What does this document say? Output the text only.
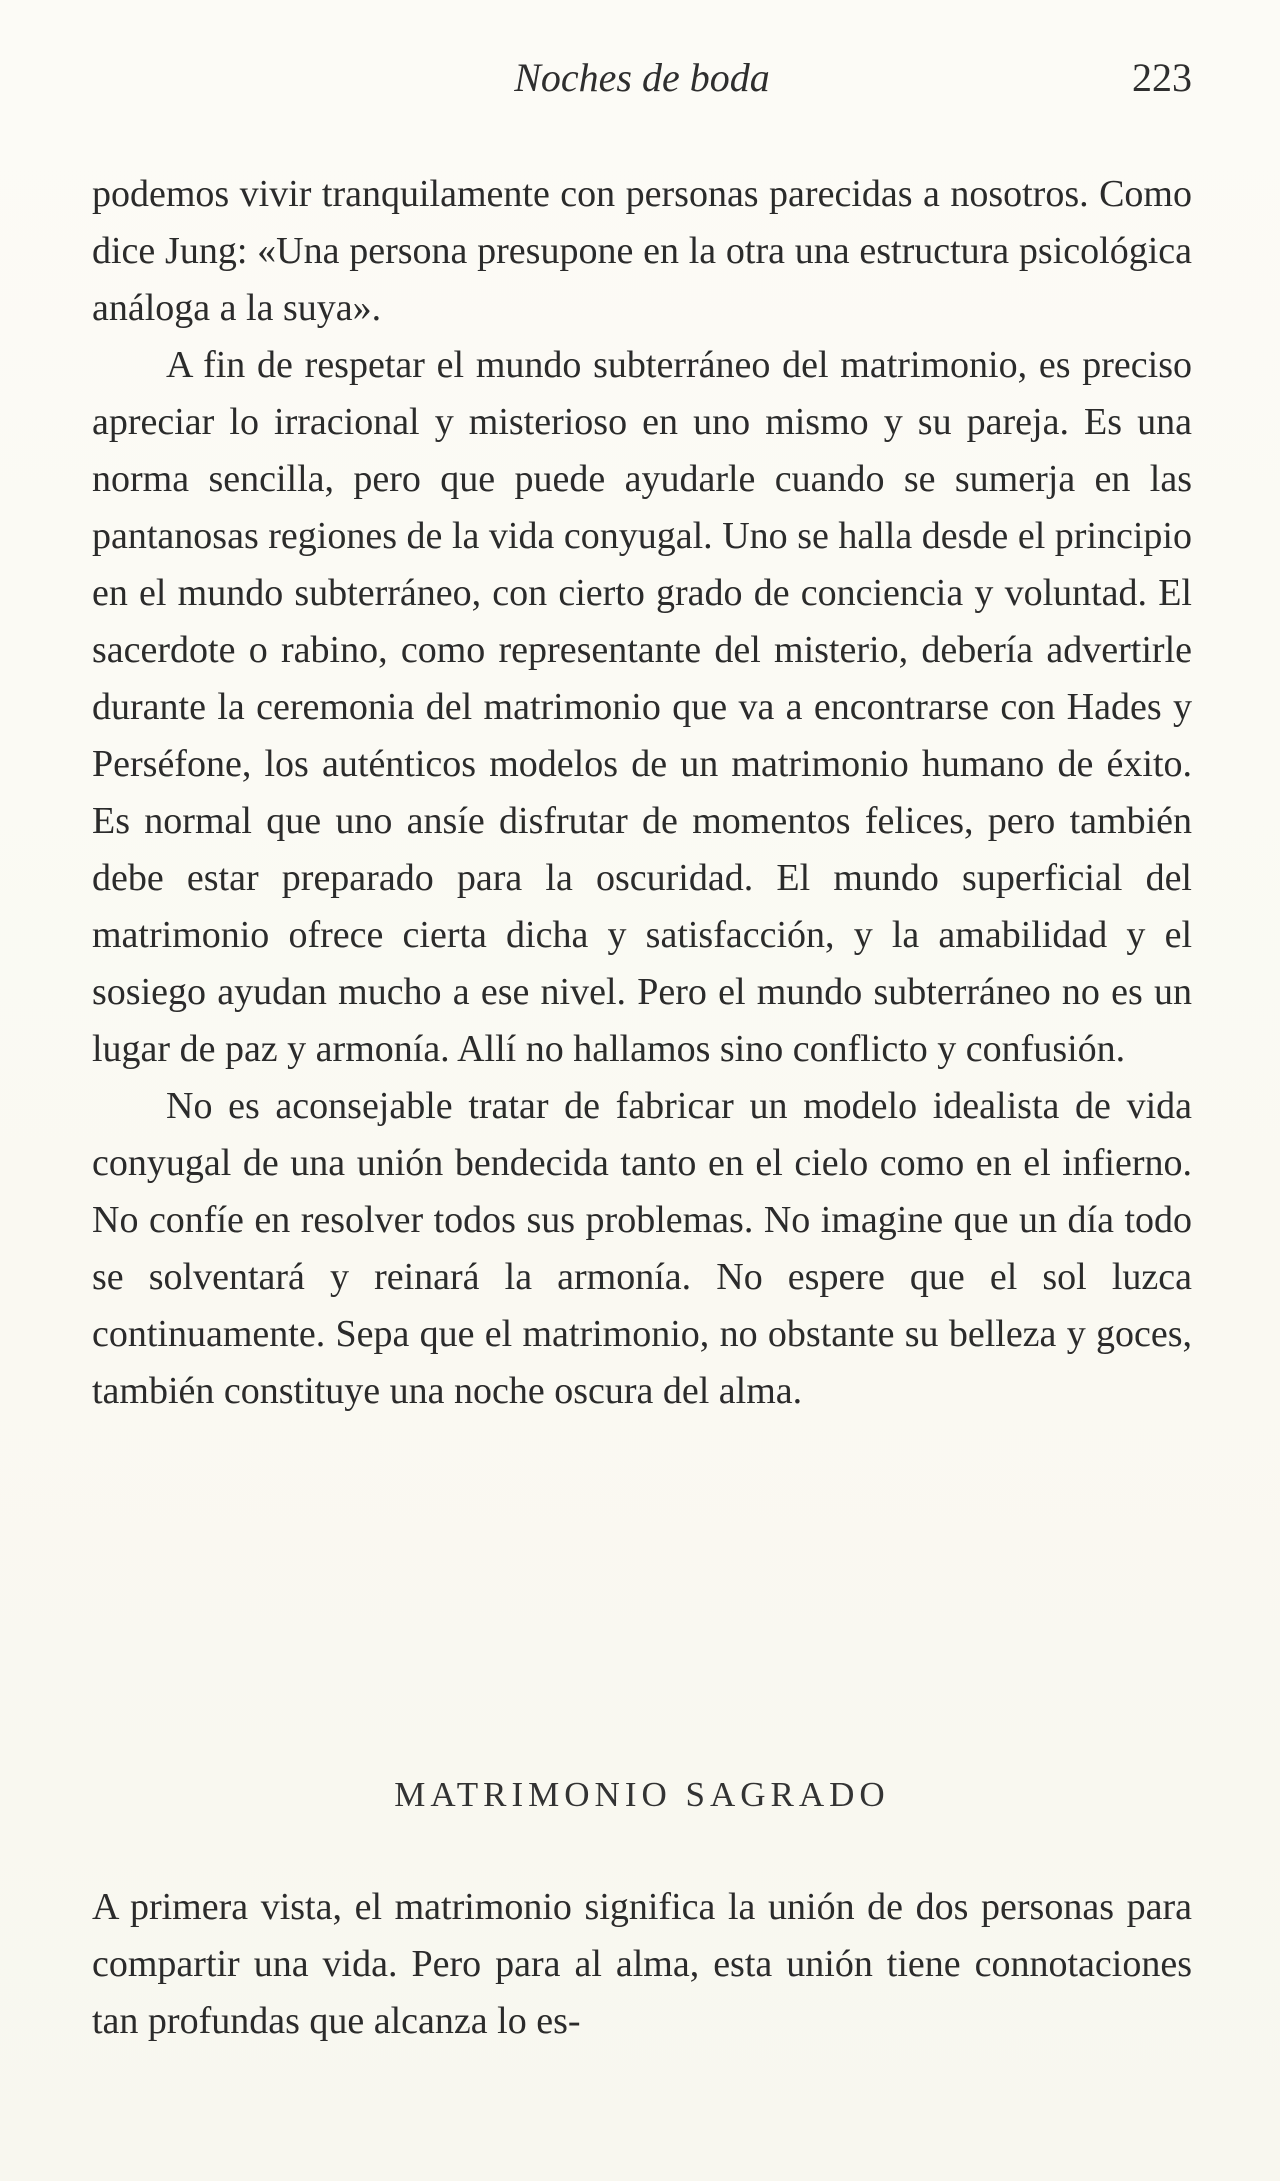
Noches de boda	223

podemos vivir tranquilamente con personas parecidas a nosotros. Como dice Jung: «Una persona presupone en la otra una estructura psicológica análoga a la suya».

A fin de respetar el mundo subterráneo del matrimonio, es preciso apreciar lo irracional y misterioso en uno mismo y su pareja. Es una norma sencilla, pero que puede ayudarle cuando se sumerja en las pantanosas regiones de la vida conyugal. Uno se halla desde el principio en el mundo subterráneo, con cierto grado de conciencia y voluntad. El sacerdote o rabino, como representante del misterio, debería advertirle durante la ceremonia del matrimonio que va a encontrarse con Hades y Perséfone, los auténticos modelos de un matrimonio humano de éxito. Es normal que uno ansíe disfrutar de momentos felices, pero también debe estar preparado para la oscuridad. El mundo superficial del matrimonio ofrece cierta dicha y satisfacción, y la amabilidad y el sosiego ayudan mucho a ese nivel. Pero el mundo subterráneo no es un lugar de paz y armonía. Allí no hallamos sino conflicto y confusión.

No es aconsejable tratar de fabricar un modelo idealista de vida conyugal de una unión bendecida tanto en el cielo como en el infierno. No confíe en resolver todos sus problemas. No imagine que un día todo se solventará y reinará la armonía. No espere que el sol luzca continuamente. Sepa que el matrimonio, no obstante su belleza y goces, también constituye una noche oscura del alma.

MATRIMONIO SAGRADO

A primera vista, el matrimonio significa la unión de dos personas para compartir una vida. Pero para al alma, esta unión tiene connotaciones tan profundas que alcanza lo es-
